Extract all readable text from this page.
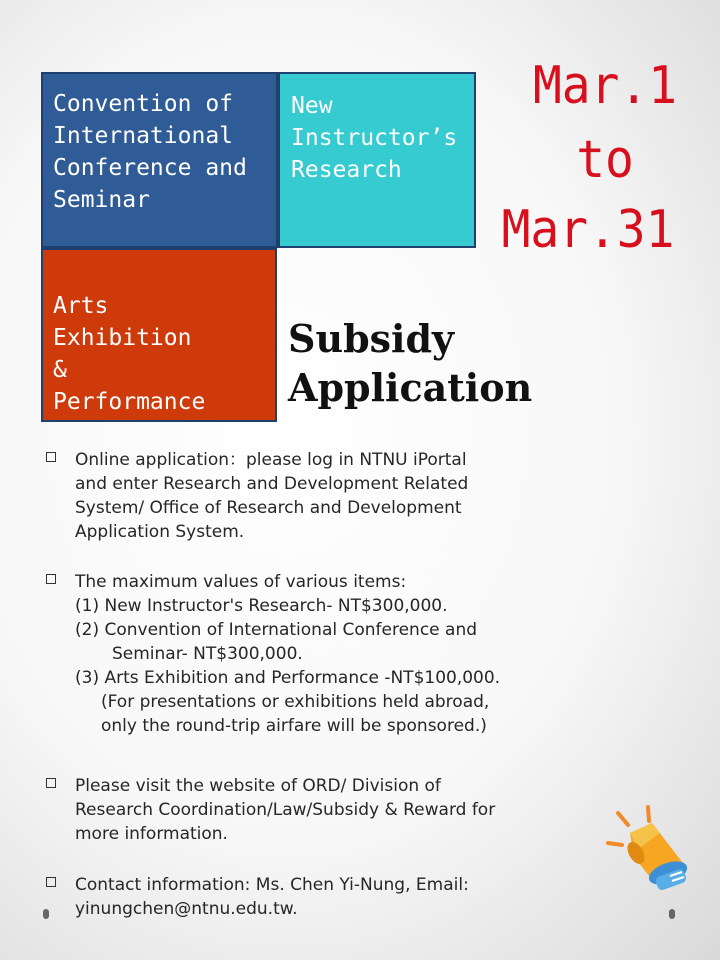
Convention of
International
Conference and
Seminar
New
Instructor’s
Research
Arts
Exhibition
&
Performance
Mar.1
to
Mar.31
Subsidy
Application
Online application：please log in NTNU iPortal
and enter Research and Development Related
System/ Office of Research and Development
Application System.
The maximum values of various items:
(1) New Instructor's Research- NT$300,000.
(2) Convention of International Conference and
Seminar- NT$300,000.
(3) Arts Exhibition and Performance -NT$100,000.
(For presentations or exhibitions held abroad,
only the round-trip airfare will be sponsored.)
Please visit the website of ORD/ Division of
Research Coordination/Law/Subsidy & Reward for
more information.
Contact information: Ms. Chen Yi-Nung, Email:
yinungchen@ntnu.edu.tw.
